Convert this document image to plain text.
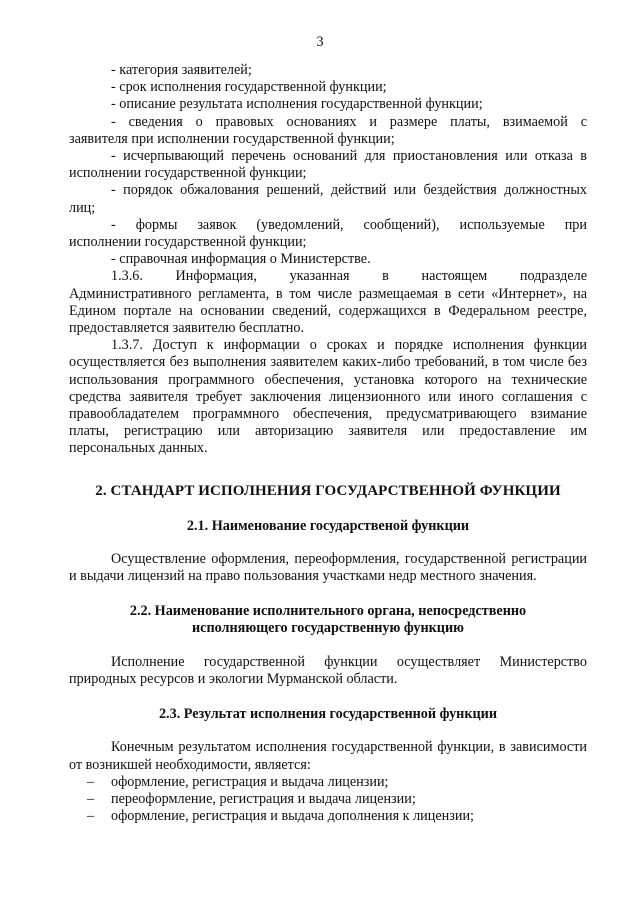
3

- категория заявителей;

- срок исполнения государственной функции;

- описание результата исполнения государственной функции;

- сведения о правовых основаниях и размере платы, взимаемой с

заявителя при исполнении государственной функции;

- исчерпывающий перечень оснований для приостановления или отказа в

исполнении государственной функции;

- порядок обжалования решений, действий или бездействия должностных

лиц;

- формы заявок (уведомлений, сообщений), используемые при

исполнении государственной функции;

- справочная информация о Министерстве.

1.3.6. Информация, указанная в настоящем подразделе

Административного регламента, в том числе размещаемая в сети «Интернет», на Едином портале на основании сведений, содержащихся в Федеральном реестре, предоставляется заявителю бесплатно.

1.3.7. Доступ к информации о сроках и порядке исполнения функции осуществляется без выполнения заявителем каких-либо требований, в том числе без использования программного обеспечения, установка которого на технические средства заявителя требует заключения лицензионного или иного соглашения с правообладателем программного обеспечения, предусматривающего взимание платы, регистрацию или авторизацию заявителя или предоставление им персональных данных.

2. СТАНДАРТ ИСПОЛНЕНИЯ ГОСУДАРСТВЕННОЙ ФУНКЦИИ
2.1. Наименование государственой функции

Осуществление оформления, переоформления, государственной регистрации и выдачи лицензий на право пользования участками недр местного значения.

2.2. Наименование исполнительного органа, непосредственно
исполняющего государственную функцию

Исполнение государственной функции осуществляет Министерство природных ресурсов и экологии Мурманской области.

2.3. Результат исполнения государственной функции

Конечным результатом исполнения государственной функции, в зависимости от возникшей необходимости, является:

– оформление, регистрация и выдача лицензии;
– переоформление, регистрация и выдача лицензии;
– оформление, регистрация и выдача дополнения к лицензии;
